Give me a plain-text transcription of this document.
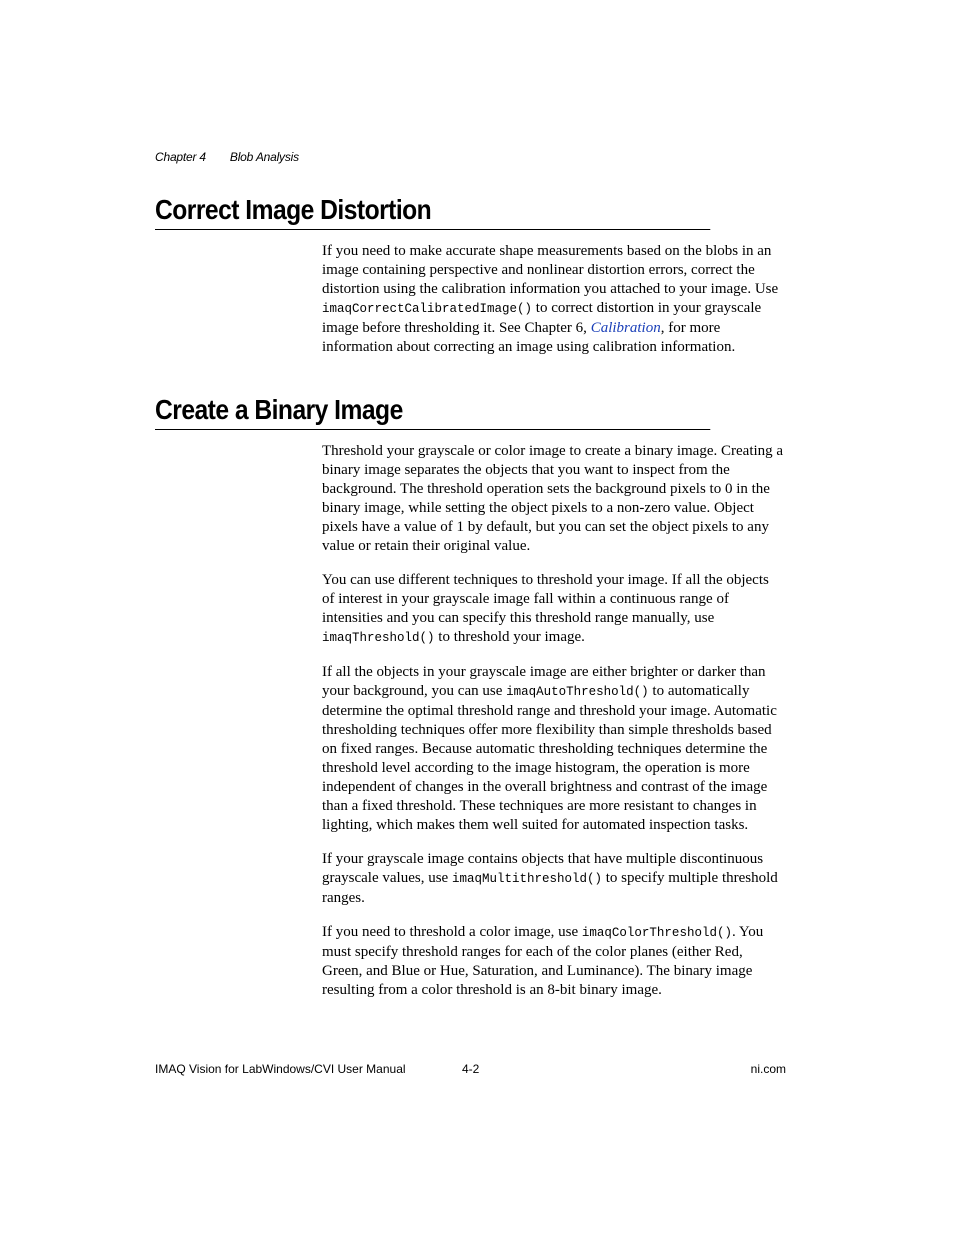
Chapter 4 Blob Analysis
Correct Image Distortion

If you need to make accurate shape measurements based on the blobs in an image containing perspective and nonlinear distortion errors, correct the distortion using the calibration information you attached to your image. Use imaqCorrectCalibratedImage() to correct distortion in your grayscale image before thresholding it. See Chapter 6, Calibration, for more information about correcting an image using calibration information.

Create a Binary Image

Threshold your grayscale or color image to create a binary image. Creating a binary image separates the objects that you want to inspect from the background. The threshold operation sets the background pixels to 0 in the binary image, while setting the object pixels to a non-zero value. Object pixels have a value of 1 by default, but you can set the object pixels to any value or retain their original value.

You can use different techniques to threshold your image. If all the objects of interest in your grayscale image fall within a continuous range of intensities and you can specify this threshold range manually, use imaqThreshold() to threshold your image.

If all the objects in your grayscale image are either brighter or darker than your background, you can use imaqAutoThreshold() to automatically determine the optimal threshold range and threshold your image. Automatic thresholding techniques offer more flexibility than simple thresholds based on fixed ranges. Because automatic thresholding techniques determine the threshold level according to the image histogram, the operation is more independent of changes in the overall brightness and contrast of the image than a fixed threshold. These techniques are more resistant to changes in lighting, which makes them well suited for automated inspection tasks.

If your grayscale image contains objects that have multiple discontinuous grayscale values, use imaqMultithreshold() to specify multiple threshold ranges.

If you need to threshold a color image, use imaqColorThreshold(). You must specify threshold ranges for each of the color planes (either Red, Green, and Blue or Hue, Saturation, and Luminance). The binary image resulting from a color threshold is an 8-bit binary image.

IMAQ Vision for LabWindows/CVI User Manual	4-2	ni.com
